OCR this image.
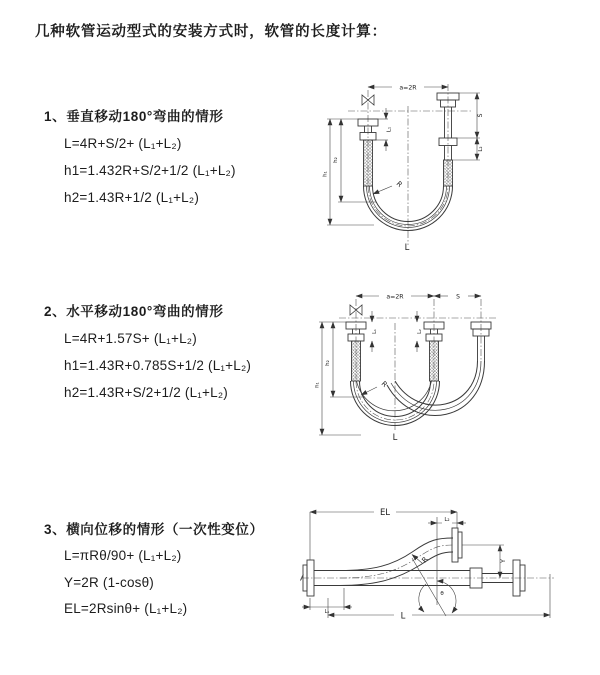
几种软管运动型式的安装方式时，软管的长度计算：
1、垂直移动180°弯曲的情形
L=4R+S/2+ (L₁+L₂)
h1=1.432R+S/2+1/2 (L₁+L₂)
h2=1.43R+1/2 (L₁+L₂)
2、水平移动180°弯曲的情形
L=4R+1.57S+ (L₁+L₂)
h1=1.43R+0.785S+1/2 (L₁+L₂)
h2=1.43R+S/2+1/2 (L₁+L₂)
3、横向位移的情形（一次性变位）
L=πRθ/90+ (L₁+L₂)
Y=2R (1-cosθ)
EL=2Rsinθ+ (L₁+L₂)
a=2R
S
L₂
L₁
h₁
h₂
R
L
a=2R	S
h₁
h₂
L₁	L₂
R
L
EL
L₂
Y
R
θ
L
L₁
